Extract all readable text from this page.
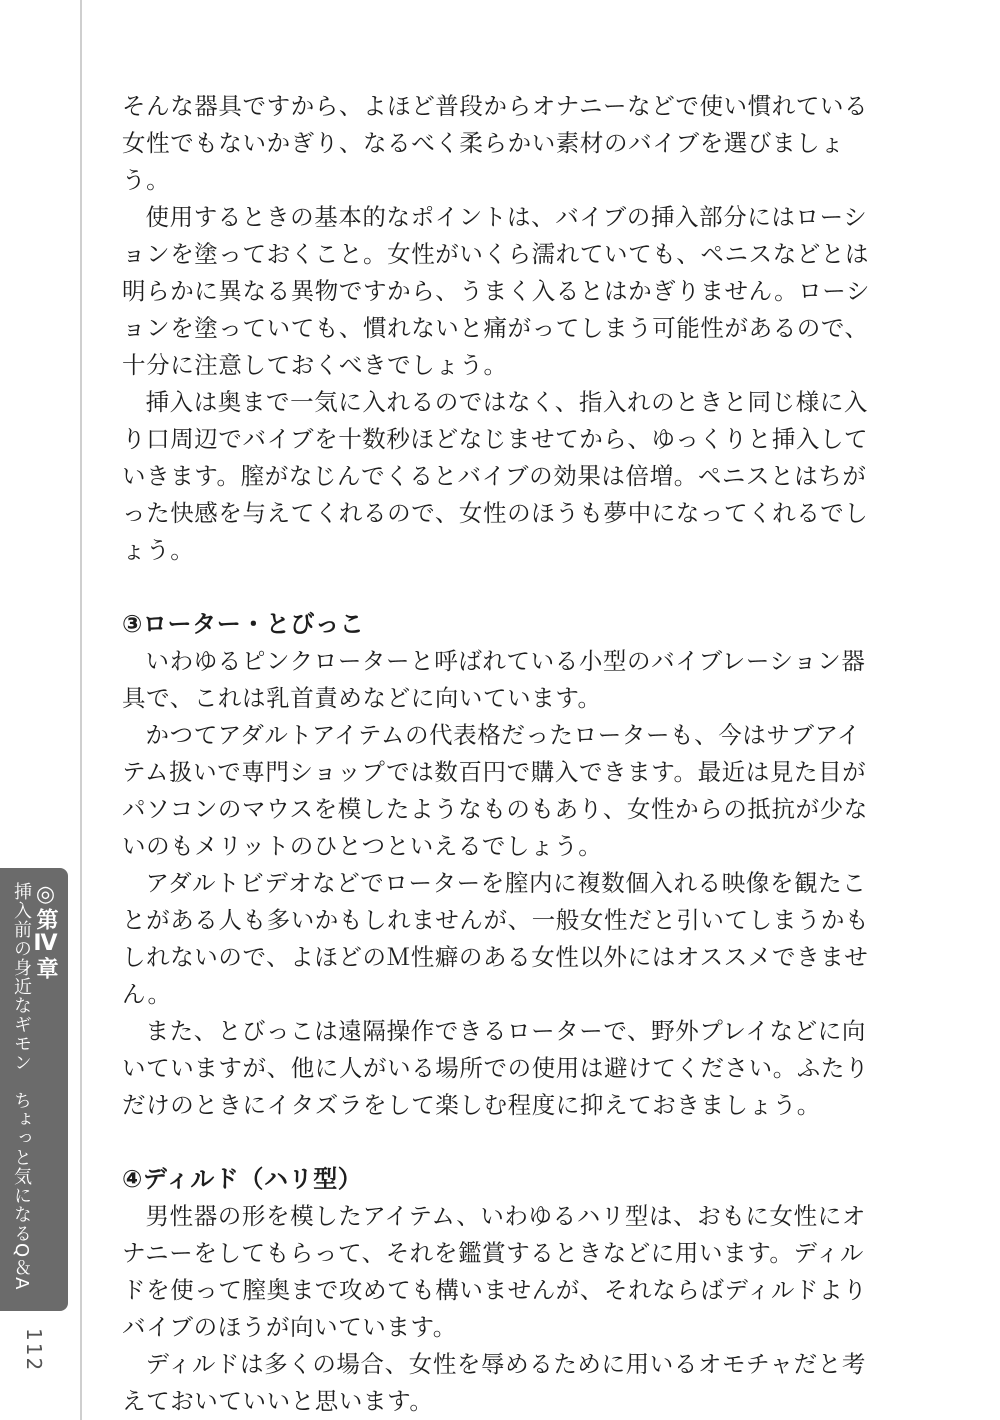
◎第Ⅳ章
挿入前の身近なギモン　ちょっと気になるQ＆A
112

そんな器具ですから、よほど普段からオナニーなどで使い慣れている女性でもないかぎり、なるべく柔らかい素材のバイブを選びましょう。

使用するときの基本的なポイントは、バイブの挿入部分にはローションを塗っておくこと。女性がいくら濡れていても、ペニスなどとは明らかに異なる異物ですから、うまく入るとはかぎりません。ローションを塗っていても、慣れないと痛がってしまう可能性があるので、十分に注意しておくべきでしょう。

挿入は奥まで一気に入れるのではなく、指入れのときと同じ様に入り口周辺でバイブを十数秒ほどなじませてから、ゆっくりと挿入していきます。膣がなじんでくるとバイブの効果は倍増。ペニスとはちがった快感を与えてくれるので、女性のほうも夢中になってくれるでしょう。

③ローター・とびっこ

いわゆるピンクローターと呼ばれている小型のバイブレーション器具で、これは乳首責めなどに向いています。

かつてアダルトアイテムの代表格だったローターも、今はサブアイテム扱いで専門ショップでは数百円で購入できます。最近は見た目がパソコンのマウスを模したようなものもあり、女性からの抵抗が少ないのもメリットのひとつといえるでしょう。

アダルトビデオなどでローターを膣内に複数個入れる映像を観たことがある人も多いかもしれませんが、一般女性だと引いてしまうかもしれないので、よほどのＭ性癖のある女性以外にはオススメできません。

また、とびっこは遠隔操作できるローターで、野外プレイなどに向いていますが、他に人がいる場所での使用は避けてください。ふたりだけのときにイタズラをして楽しむ程度に抑えておきましょう。

④ディルド（ハリ型）

男性器の形を模したアイテム、いわゆるハリ型は、おもに女性にオナニーをしてもらって、それを鑑賞するときなどに用います。ディルドを使って膣奥まで攻めても構いませんが、それならばディルドよりバイブのほうが向いています。

ディルドは多くの場合、女性を辱めるために用いるオモチャだと考えておいていいと思います。
